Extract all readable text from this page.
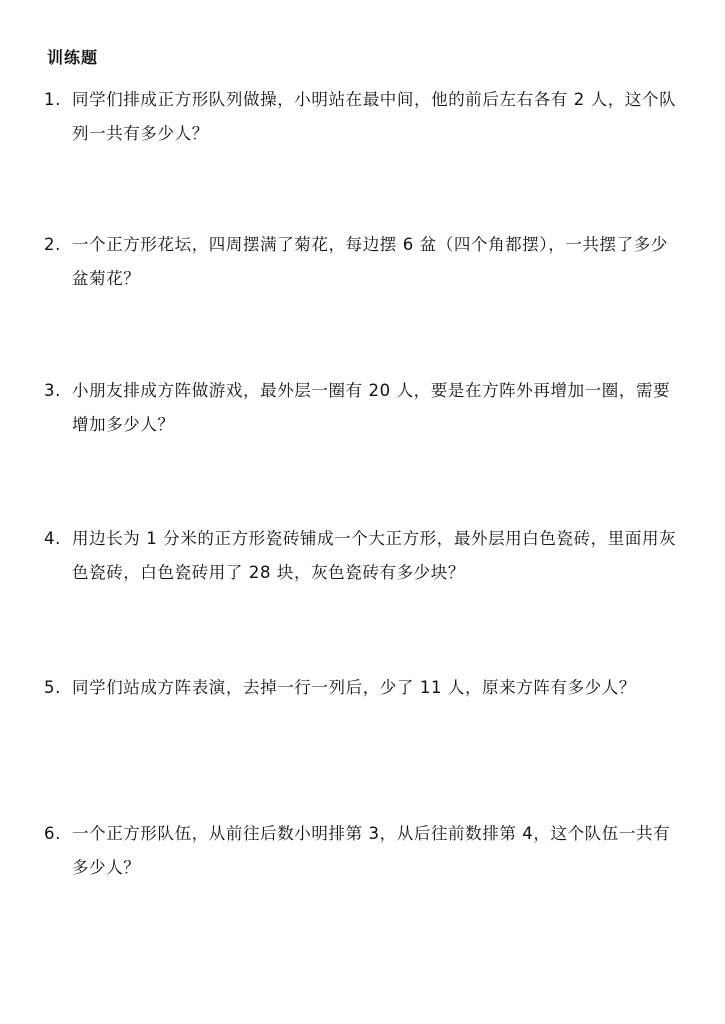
训练题
1. 同学们排成正方形队列做操，小明站在最中间，他的前后左右各有 2 人，这个队列一共有多少人？
2. 一个正方形花坛，四周摆满了菊花，每边摆 6 盆（四个角都摆），一共摆了多少盆菊花？
3. 小朋友排成方阵做游戏，最外层一圈有 20 人，要是在方阵外再增加一圈，需要增加多少人？
4. 用边长为 1 分米的正方形瓷砖铺成一个大正方形，最外层用白色瓷砖，里面用灰色瓷砖，白色瓷砖用了 28 块，灰色瓷砖有多少块？
5. 同学们站成方阵表演，去掉一行一列后，少了 11 人，原来方阵有多少人？
6. 一个正方形队伍，从前往后数小明排第 3，从后往前数排第 4，这个队伍一共有多少人？
